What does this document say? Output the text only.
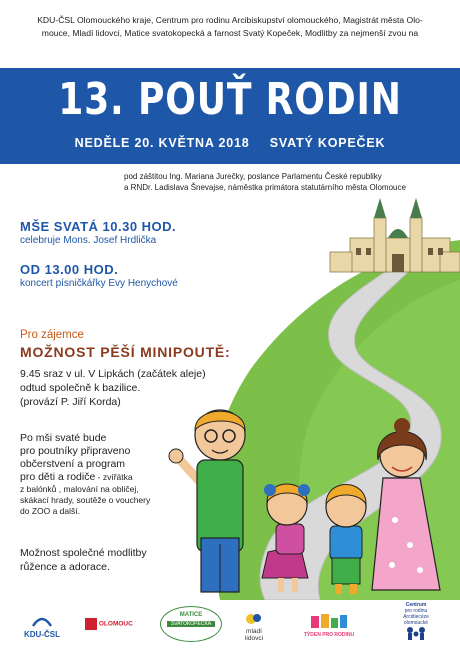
KDU-ČSL Olomouckého kraje, Centrum pro rodinu Arcibiskupství olomouckého, Magistrát města Olo-
mouce, Mladí lidovci, Matice svatokopecká a farnost Svatý Kopeček, Modlitby za nejmenší zvou na
13. POUŤ RODIN
NEDĚLE 20. KVĚTNA 2018 SVATÝ KOPEČEK
pod záštitou Ing. Mariana Jurečky, poslance Parlamentu České republiky
a RNDr. Ladislava Šnevajse, náměstka primátora statutárního města Olomouce
MŠE SVATÁ 10.30 HOD.
celebruje Mons. Josef Hrdlička
OD 13.00 HOD.
koncert písničkářky Evy Henychové
Pro zájemce
MOŽNOST PĚŠÍ MINIPOUTĚ:
9.45 sraz v ul. V Lipkách (začátek aleje)
odtud společně k bazilice.
(provází P. Jiří Korda)
Po mši svaté bude
pro poutníky připraveno
občerstvení a program
pro děti a rodiče - zvířátka
z balónků , malování na obličej,
skákací hrady, soutěže o vouchery
do ZOO a další.
Možnost společné modlitby
růžence a adorace.
KDU-ČSL
OLOMOUC
MATICE
SVATOKOPECKÁ
mladí
lidovci	TÝDEN PRO RODINU
Centrum
pro rodinu
Arcidiecéze
olomoucké
